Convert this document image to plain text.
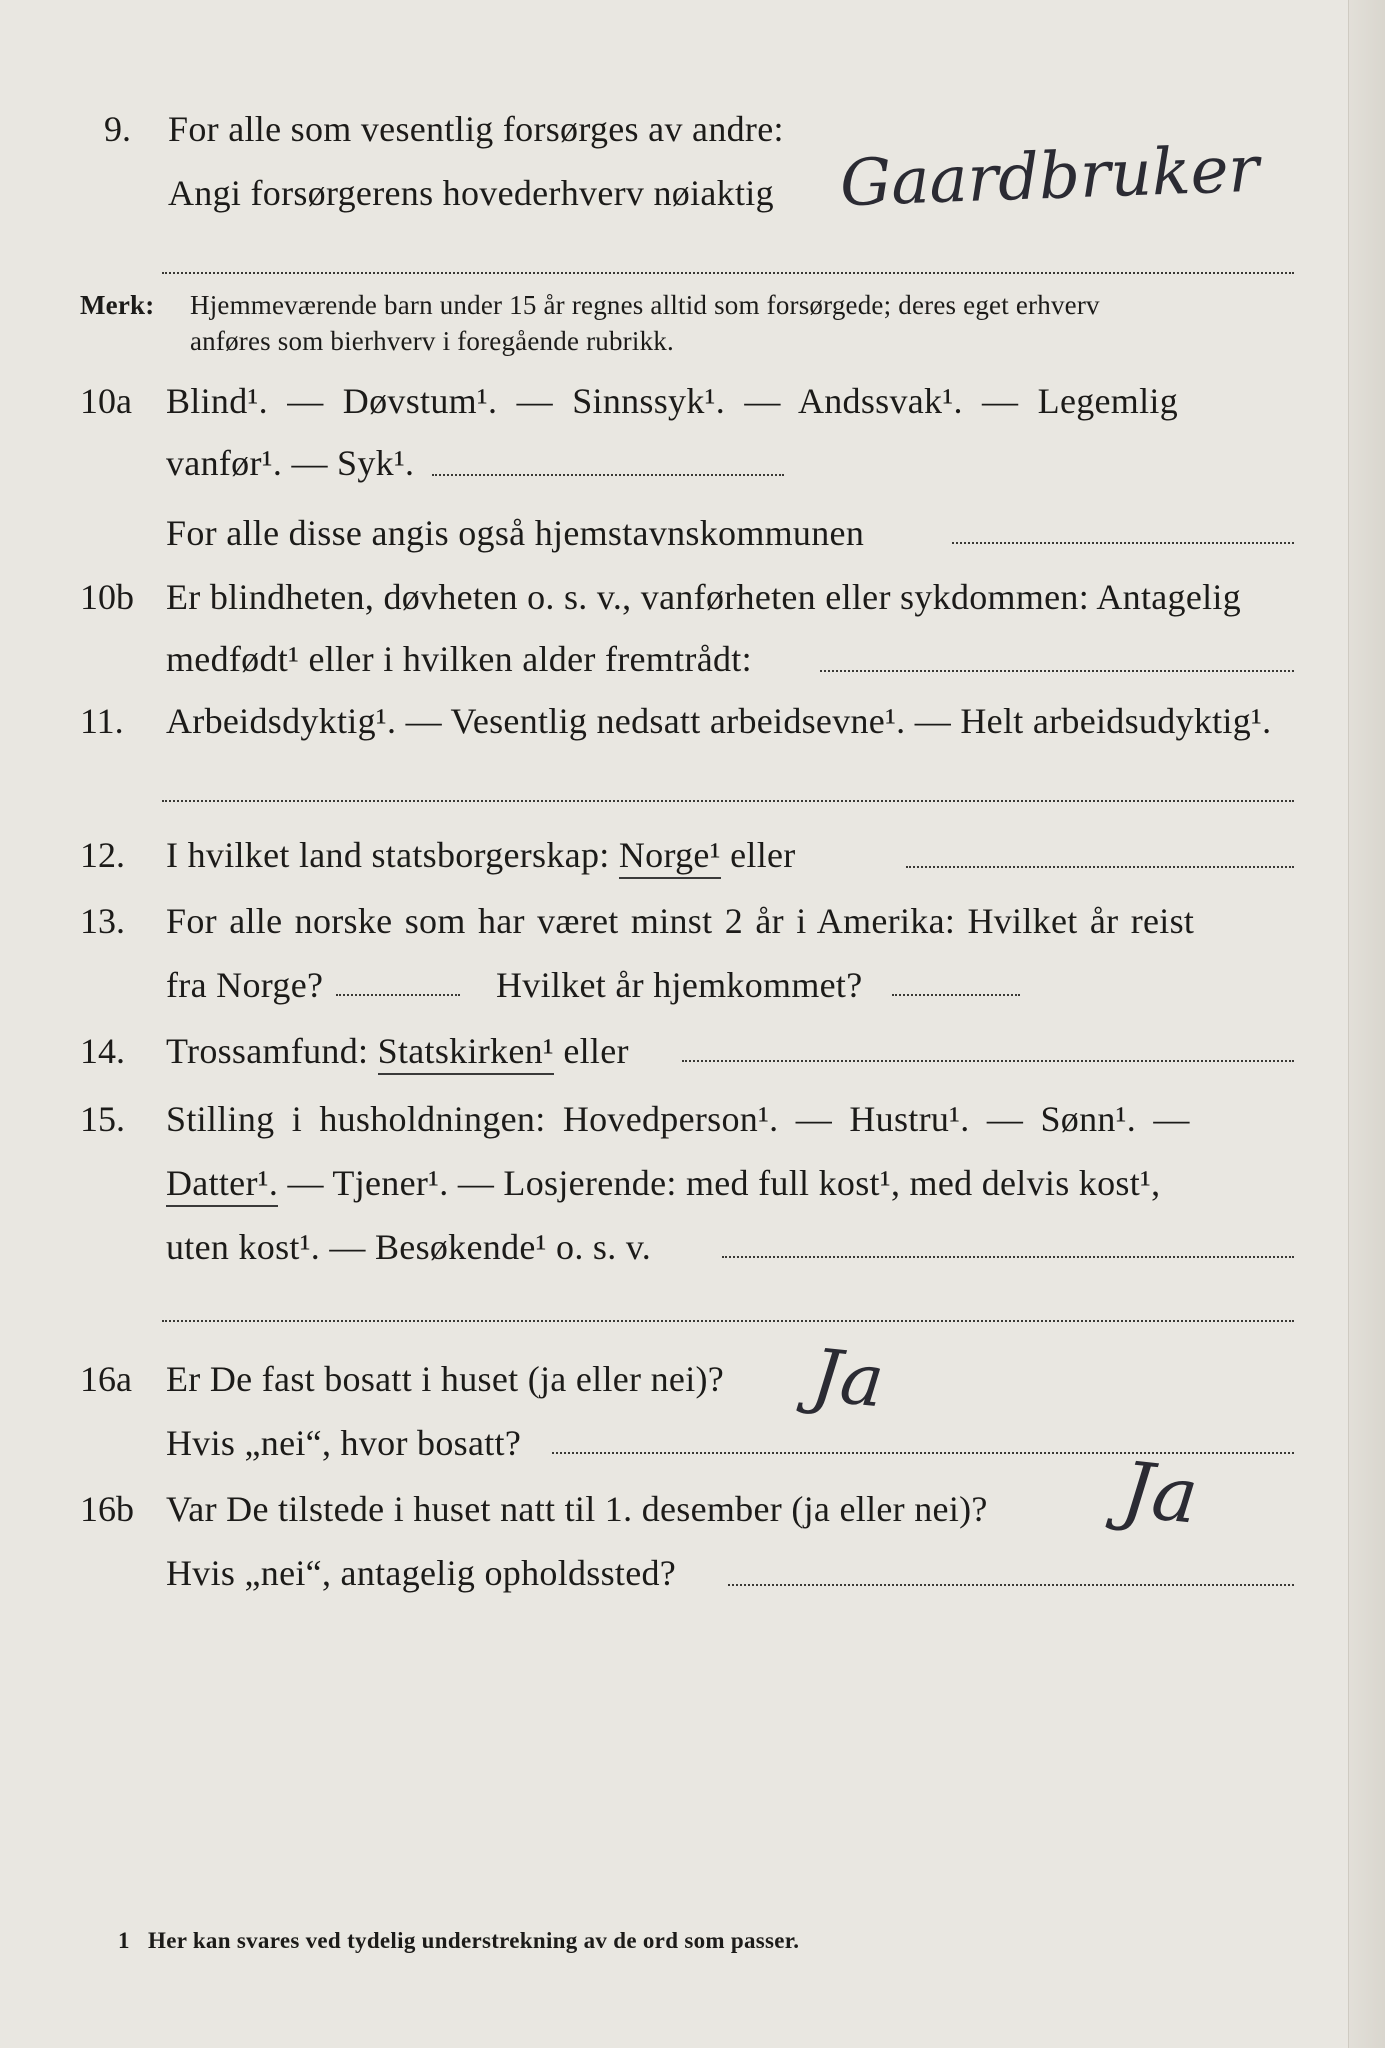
9. For alle som vesentlig forsørges av andre:
Angi forsørgerens hovederhverv nøiaktig Gaardbruker
Merk: Hjemmeværende barn under 15 år regnes alltid som forsørgede; deres eget erhverv
anføres som bierhverv i foregående rubrikk.
10a Blind¹. — Døvstum¹. — Sinnssyk¹. — Andssvak¹. — Legemlig
vanfør¹. — Syk¹.
For alle disse angis også hjemstavnskommunen
10b Er blindheten, døvheten o. s. v., vanførheten eller sykdommen: Antagelig
medfødt¹ eller i hvilken alder fremtrådt:
11. Arbeidsdyktig¹. — Vesentlig nedsatt arbeidsevne¹. — Helt arbeidsudyktig¹.
12. I hvilket land statsborgerskap: Norge¹ eller
13. For alle norske som har været minst 2 år i Amerika: Hvilket år reist
fra Norge?	Hvilket år hjemkommet?
14. Trossamfund: Statskirken¹ eller
15. Stilling i husholdningen: Hovedperson¹. — Hustru¹. — Sønn¹. —
Datter¹. — Tjener¹. — Losjerende: med full kost¹, med delvis kost¹,
uten kost¹. — Besøkende¹ o. s. v.
16a Er De fast bosatt i huset (ja eller nei)? Ja
Hvis „nei“, hvor bosatt?
16b Var De tilstede i huset natt til 1. desember (ja eller nei)? Ja
Hvis „nei“, antagelig opholdssted?
1 Her kan svares ved tydelig understrekning av de ord som passer.
